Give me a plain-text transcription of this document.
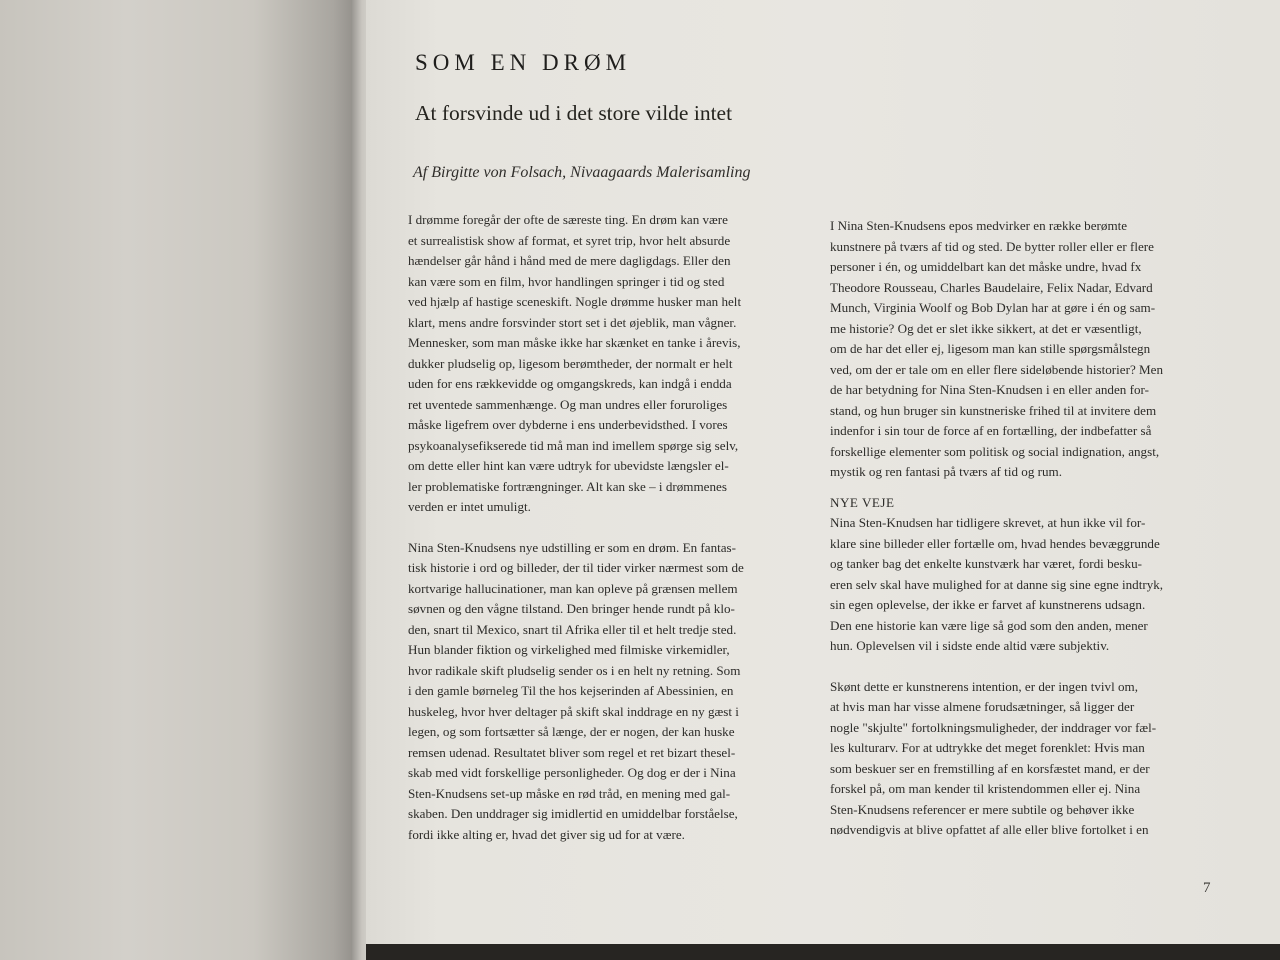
SOM EN DRØM
At forsvinde ud i det store vilde intet
Af Birgitte von Folsach, Nivaagaards Malerisamling
I drømme foregår der ofte de særeste ting. En drøm kan være
et surrealistisk show af format, et syret trip, hvor helt absurde
hændelser går hånd i hånd med de mere dagligdags. Eller den
kan være som en film, hvor handlingen springer i tid og sted
ved hjælp af hastige sceneskift. Nogle drømme husker man helt
klart, mens andre forsvinder stort set i det øjeblik, man vågner.
Mennesker, som man måske ikke har skænket en tanke i årevis,
dukker pludselig op, ligesom berømtheder, der normalt er helt
uden for ens rækkevidde og omgangskreds, kan indgå i endda
ret uventede sammenhænge. Og man undres eller foruroliges
måske ligefrem over dybderne i ens underbevidsthed. I vores
psykoanalysefikserede tid må man ind imellem spørge sig selv,
om dette eller hint kan være udtryk for ubevidste længsler el-
ler problematiske fortrængninger. Alt kan ske – i drømmenes
verden er intet umuligt.
Nina Sten-Knudsens nye udstilling er som en drøm. En fantas-
tisk historie i ord og billeder, der til tider virker nærmest som de
kortvarige hallucinationer, man kan opleve på grænsen mellem
søvnen og den vågne tilstand. Den bringer hende rundt på klo-
den, snart til Mexico, snart til Afrika eller til et helt tredje sted.
Hun blander fiktion og virkelighed med filmiske virkemidler,
hvor radikale skift pludselig sender os i en helt ny retning. Som
i den gamle børneleg Til the hos kejserinden af Abessinien, en
huskeleg, hvor hver deltager på skift skal inddrage en ny gæst i
legen, og som fortsætter så længe, der er nogen, der kan huske
remsen udenad. Resultatet bliver som regel et ret bizart thesel-
skab med vidt forskellige personligheder. Og dog er der i Nina
Sten-Knudsens set-up måske en rød tråd, en mening med gal-
skaben. Den unddrager sig imidlertid en umiddelbar forståelse,
fordi ikke alting er, hvad det giver sig ud for at være.
I Nina Sten-Knudsens epos medvirker en række berømte
kunstnere på tværs af tid og sted. De bytter roller eller er flere
personer i én, og umiddelbart kan det måske undre, hvad fx
Theodore Rousseau, Charles Baudelaire, Felix Nadar, Edvard
Munch, Virginia Woolf og Bob Dylan har at gøre i én og sam-
me historie? Og det er slet ikke sikkert, at det er væsentligt,
om de har det eller ej, ligesom man kan stille spørgsmålstegn
ved, om der er tale om en eller flere sideløbende historier? Men
de har betydning for Nina Sten-Knudsen i en eller anden for-
stand, og hun bruger sin kunstneriske frihed til at invitere dem
indenfor i sin tour de force af en fortælling, der indbefatter så
forskellige elementer som politisk og social indignation, angst,
mystik og ren fantasi på tværs af tid og rum.
NYE VEJE
Nina Sten-Knudsen har tidligere skrevet, at hun ikke vil for-
klare sine billeder eller fortælle om, hvad hendes bevæggrunde
og tanker bag det enkelte kunstværk har været, fordi besku-
eren selv skal have mulighed for at danne sig sine egne indtryk,
sin egen oplevelse, der ikke er farvet af kunstnerens udsagn.
Den ene historie kan være lige så god som den anden, mener
hun. Oplevelsen vil i sidste ende altid være subjektiv.
Skønt dette er kunstnerens intention, er der ingen tvivl om,
at hvis man har visse almene forudsætninger, så ligger der
nogle "skjulte" fortolkningsmuligheder, der inddrager vor fæl-
les kulturarv. For at udtrykke det meget forenklet: Hvis man
som beskuer ser en fremstilling af en korsfæstet mand, er der
forskel på, om man kender til kristendommen eller ej. Nina
Sten-Knudsens referencer er mere subtile og behøver ikke
nødvendigvis at blive opfattet af alle eller blive fortolket i en
7
